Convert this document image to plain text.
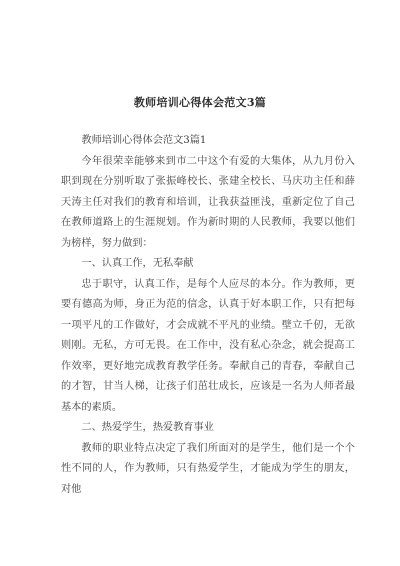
教师培训心得体会范文3篇

教师培训心得体会范文3篇1

今年很荣幸能够来到市二中这个有爱的大集体，从九月份入职到现在分别听取了张振峰校长、张建全校长、马庆功主任和薛天涛主任对我们的教育和培训，让我获益匪浅，重新定位了自己在教师道路上的生涯规划。作为新时期的人民教师，我要以他们为榜样，努力做到：

一、认真工作，无私奉献

忠于职守，认真工作，是每个人应尽的本分。作为教师，更要有德高为师，身正为范的信念，认真于好本职工作，只有把每一项平凡的工作做好，才会成就不平凡的业绩。壁立千仞，无欲则刚。无私，方可无畏。在工作中，没有私心杂念，就会提高工作效率，更好地完成教育教学任务。奉献自己的青春，奉献自己的才智，甘当人梯，让孩子们茁壮成长，应该是一名为人师者最基本的素质。

二、热爱学生，热爱教育事业

教师的职业特点决定了我们所面对的是学生，他们是一个个性不同的人，作为教师，只有热爱学生，才能成为学生的朋友，对他
